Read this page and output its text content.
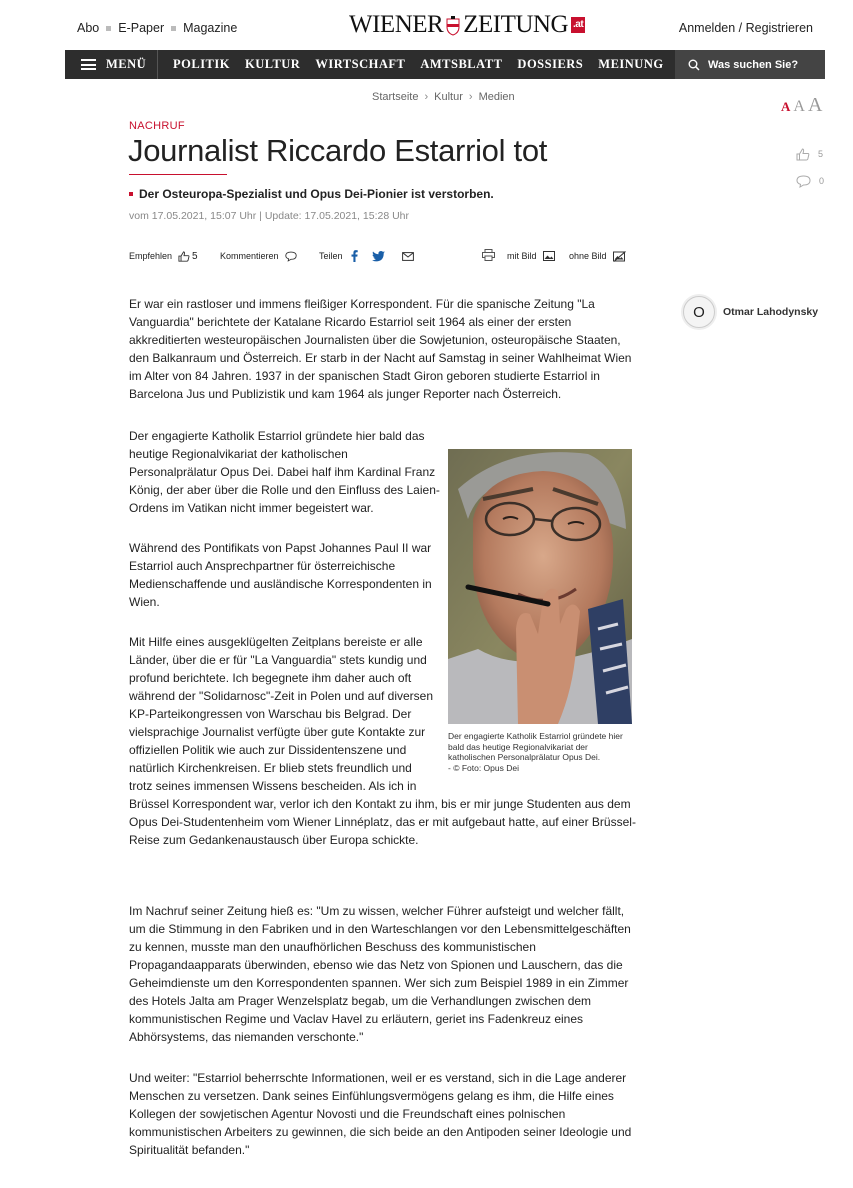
Abo E-Paper Magazine	WIENER ZEITUNG .at	Anmelden / Registrieren
MENÜ POLITIK KULTUR WIRTSCHAFT AMTSBLATT DOSSIERS MEINUNG	Was suchen Sie?
Startseite › Kultur › Medien
A A A
NACHRUF
Journalist Riccardo Estarriol tot
Der Osteuropa-Spezialist und Opus Dei-Pionier ist verstorben.
vom 17.05.2021, 15:07 Uhr | Update: 17.05.2021, 15:28 Uhr
5
0
Empfehlen 5 Kommentieren	Teilen	mit Bild	ohne Bild
O	Otmar Lahodynsky
Er war ein rastloser und immens fleißiger Korrespondent. Für die spanische Zeitung "La
Vanguardia" berichtete der Katalane Ricardo Estarriol seit 1964 als einer der ersten
akkreditierten westeuropäischen Journalisten über die Sowjetunion, osteuropäische Staaten,
den Balkanraum und Österreich. Er starb in der Nacht auf Samstag in seiner Wahlheimat Wien
im Alter von 84 Jahren. 1937 in der spanischen Stadt Giron geboren studierte Estarriol in
Barcelona Jus und Publizistik und kam 1964 als junger Reporter nach Österreich.
Der engagierte Katholik Estarriol gründete hier bald das
heutige Regionalvikariat der katholischen
Personalprälatur Opus Dei. Dabei half ihm Kardinal Franz
König, der aber über die Rolle und den Einfluss des Laien-
Ordens im Vatikan nicht immer begeistert war.
Während des Pontifikats von Papst Johannes Paul II war
Estarriol auch Ansprechpartner für österreichische
Medienschaffende und ausländische Korrespondenten in
Wien.
Mit Hilfe eines ausgeklügelten Zeitplans bereiste er alle
Länder, über die er für "La Vanguardia" stets kundig und
profund berichtete. Ich begegnete ihm daher auch oft
während der "Solidarnosc"-Zeit in Polen und auf diversen
KP-Parteikongressen von Warschau bis Belgrad. Der
vielsprachige Journalist verfügte über gute Kontakte zur
offiziellen Politik wie auch zur Dissidentenszene und
natürlich Kirchenkreisen. Er blieb stets freundlich und
trotz seines immensen Wissens bescheiden. Als ich in
Brüssel Korrespondent war, verlor ich den Kontakt zu ihm, bis er mir junge Studenten aus dem
Opus Dei-Studentenheim vom Wiener Linnéplatz, das er mit aufgebaut hatte, auf einer Brüssel-
Reise zum Gedankenaustausch über Europa schickte.
Im Nachruf seiner Zeitung hieß es: "Um zu wissen, welcher Führer aufsteigt und welcher fällt,
um die Stimmung in den Fabriken und in den Warteschlangen vor den Lebensmittelgeschäften
zu kennen, musste man den unaufhörlichen Beschuss des kommunistischen
Propagandaapparats überwinden, ebenso wie das Netz von Spionen und Lauschern, das die
Geheimdienste um den Korrespondenten spannen. Wer sich zum Beispiel 1989 in ein Zimmer
des Hotels Jalta am Prager Wenzelsplatz begab, um die Verhandlungen zwischen dem
kommunistischen Regime und Vaclav Havel zu erläutern, geriet ins Fadenkreuz eines
Abhörsystems, das niemanden verschonte."
Und weiter: "Estarriol beherrschte Informationen, weil er es verstand, sich in die Lage anderer
Menschen zu versetzen. Dank seines Einfühlungsvermögens gelang es ihm, die Hilfe eines
Kollegen der sowjetischen Agentur Novosti und die Freundschaft eines polnischen
kommunistischen Arbeiters zu gewinnen, die sich beide an den Antipoden seiner Ideologie und
Spiritualität befanden."
Der engagierte Katholik Estarriol gründete hier
bald das heutige Regionalvikariat der
katholischen Personalprälatur Opus Dei.
- © Foto: Opus Dei
